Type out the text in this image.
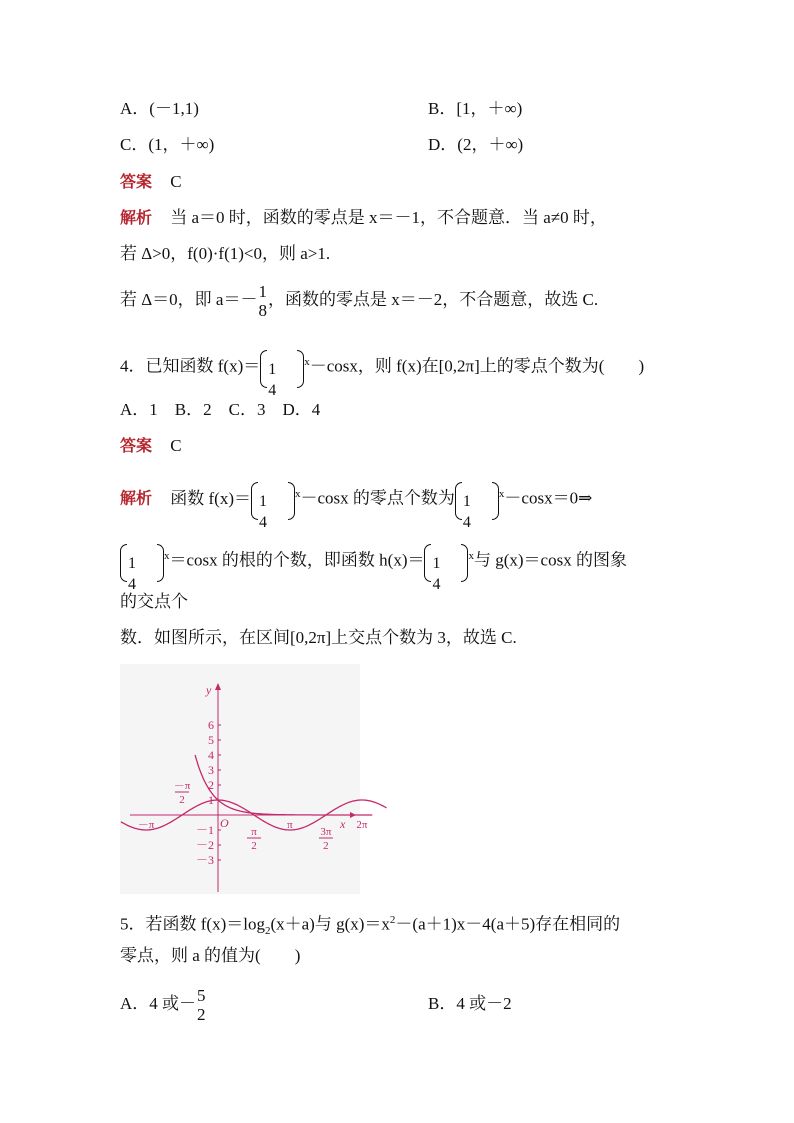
A．(－1,1)	B．[1，＋∞)
C．(1，＋∞)	D．(2，＋∞)
答案 C
解析 当 a＝0 时，函数的零点是 x＝－1，不合题意．当 a≠0 时，
若 Δ>0，f(0)·f(1)<0，则 a>1.
若 Δ＝0，即 a＝－ 1
8
，函数的零点是 x＝－2，不合题意，故选 C.
4．已知函数 f(x)＝ 1
4
$^x$－cosx，则 f(x)在[0,2π]上的零点个数为( )
A．1　B．2　C．3　D．4
答案 C
解析 函数 f(x)＝ 1
4
$^x$－cosx 的零点个数为 1
4
$^x$－cosx＝0⇒
1
4
$^x$＝cosx 的根的个数，即函数 h(x)＝ 1
4
$^x$与 g(x)＝cosx 的图象
的交点个
数．如图所示，在区间[0,2π]上交点个数为 3，故选 C.
y
x
O
6
5
4
3
2
1
－1
－2
－3
－π	π	2π
－π
2
π
2
3π
2
5．若函数 $f(x)=\log_2(x+a)$与 $g(x)=x^2-(a+1)x-4(a+5)$存在相同的
零点，则 a 的值为(　　)
A．4 或－ 5
2
B．4 或－2
